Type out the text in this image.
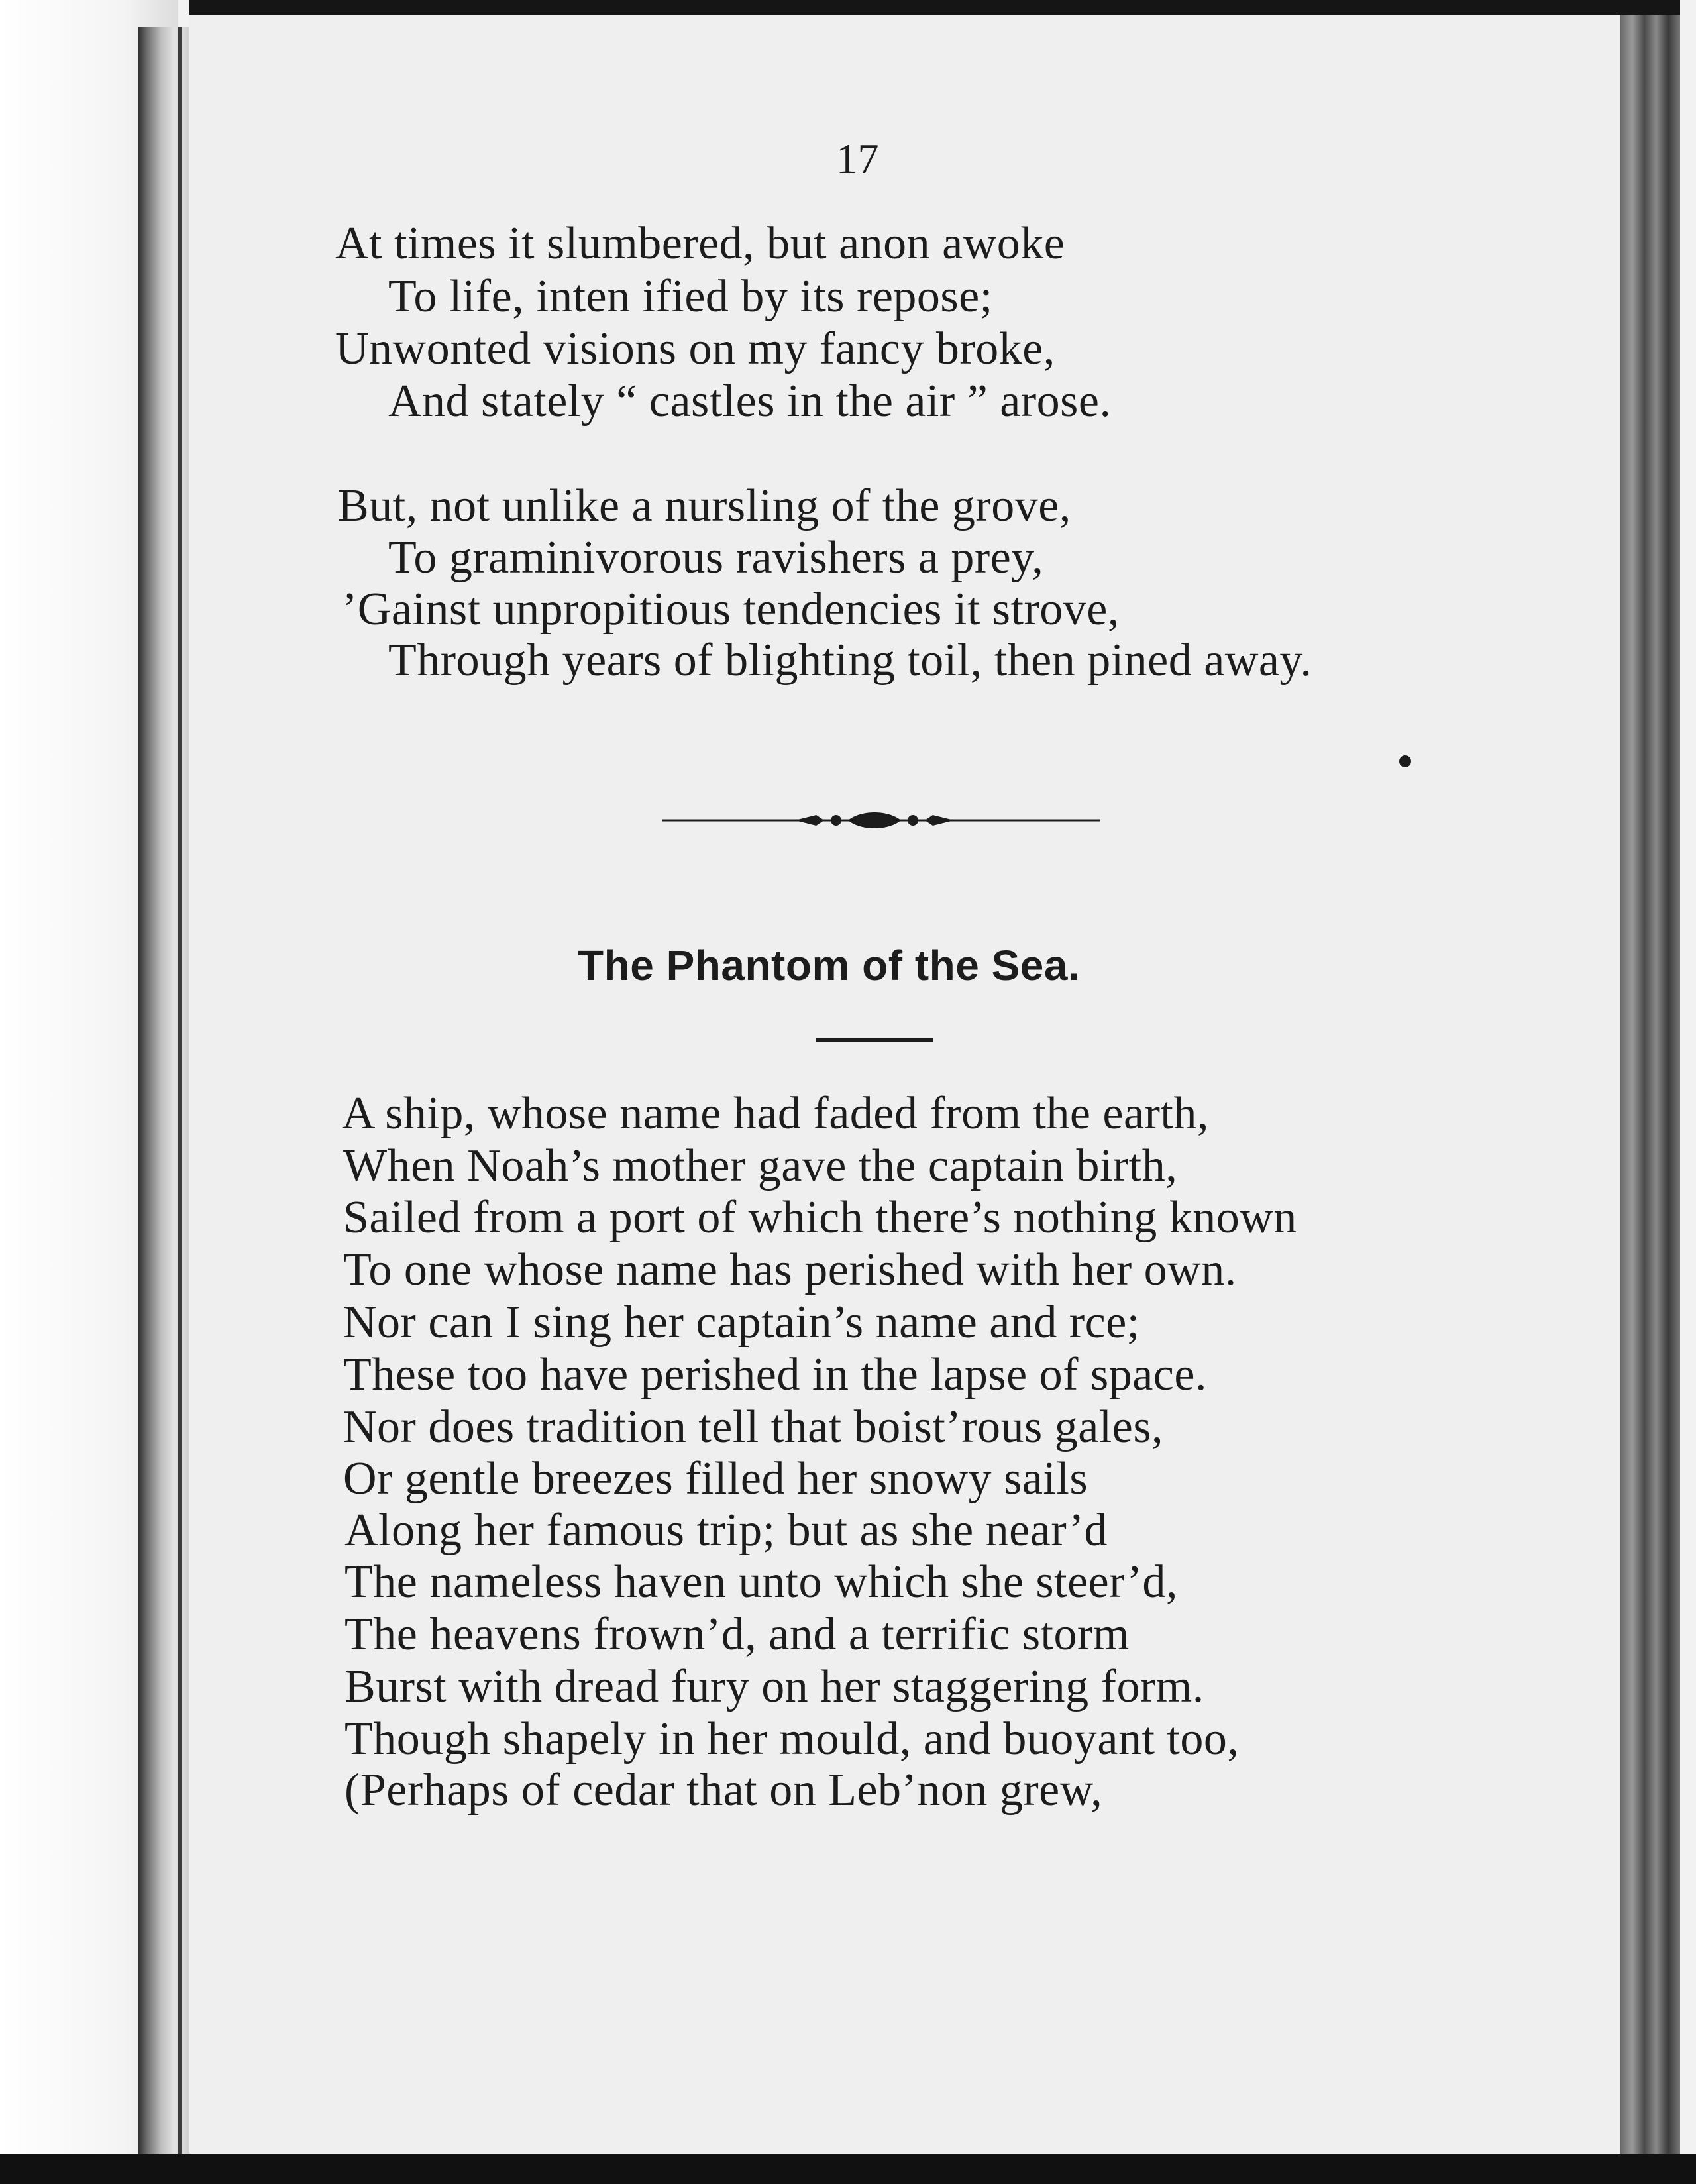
17
At times it slumbered, but anon awoke
To life, inten ified by its repose;
Unwonted visions on my fancy broke,
And stately “ castles in the air ” arose.
But, not unlike a nursling of the grove,
To graminivorous ravishers a prey,
’Gainst unpropitious tendencies it strove,
Through years of blighting toil, then pined away.
The Phantom of the Sea.
A ship, whose name had faded from the earth,
When Noah’s mother gave the captain birth,
Sailed from a port of which there’s nothing known
To one whose name has perished with her own.
Nor can I sing her captain’s name and rce;
These too have perished in the lapse of space.
Nor does tradition tell that boist’rous gales,
Or gentle breezes filled her snowy sails
Along her famous trip; but as she near’d
The nameless haven unto which she steer’d,
The heavens frown’d, and a terrific storm
Burst with dread fury on her staggering form.
Though shapely in her mould, and buoyant too,
(Perhaps of cedar that on Leb’non grew,
